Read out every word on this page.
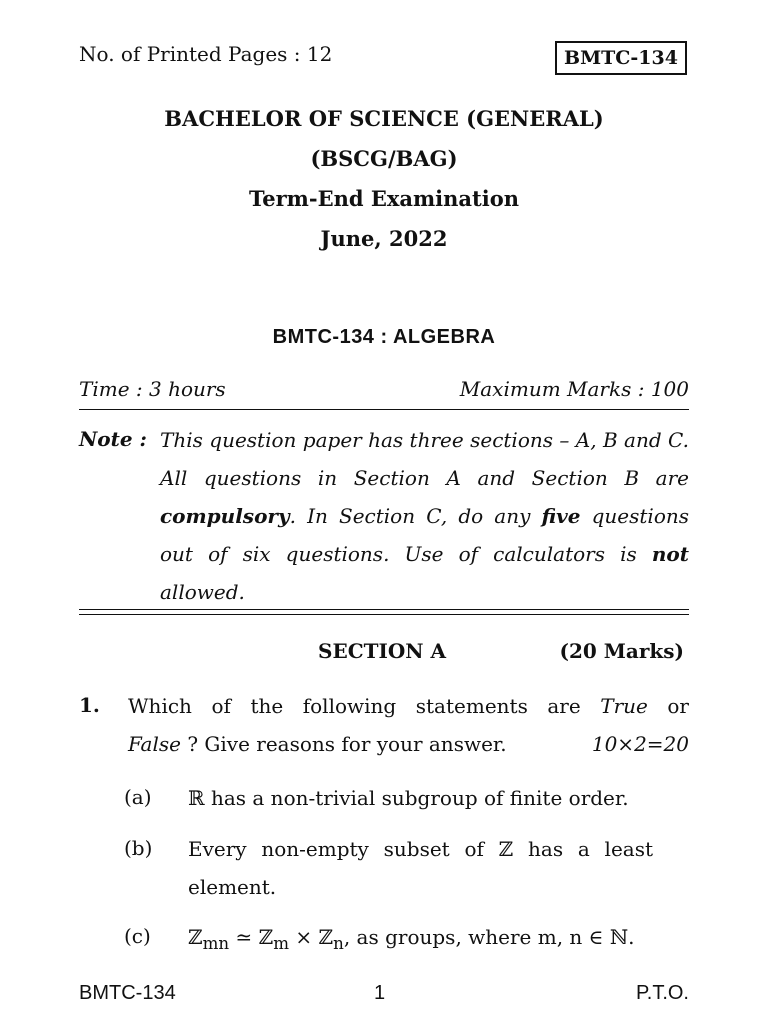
No. of Printed Pages : 12	BMTC-134
BACHELOR OF SCIENCE (GENERAL)
(BSCG/BAG)
Term-End Examination
June, 2022
BMTC-134 : ALGEBRA
Time : 3 hours	Maximum Marks : 100
Note : This question paper has three sections – A, B and C. All questions in Section A and Section B are compulsory. In Section C, do any five questions out of six questions. Use of calculators is not allowed.
SECTION A	(20 Marks)
1. Which of the following statements are True or
False ? Give reasons for your answer.	10×2=20
(a) ℝ has a non-trivial subgroup of finite order.
(b) Every non-empty subset of ℤ has a least element.
(c) ℤ$_{mn}$ ≃ ℤ$_m$ × ℤ$_n$, as groups, where m, n ∈ ℕ.
BMTC-134	1	P.T.O.
